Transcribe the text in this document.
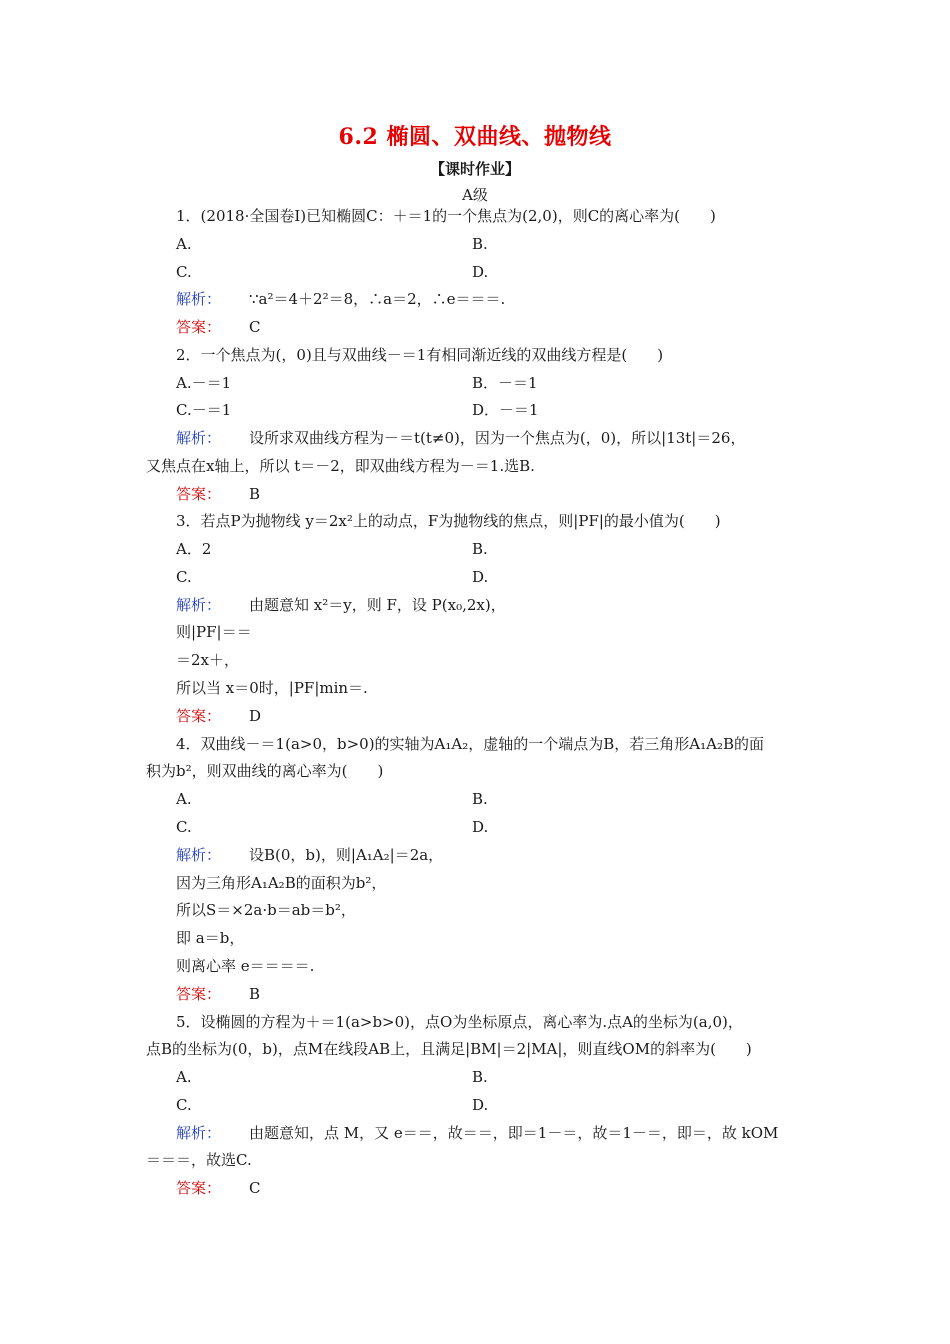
6.2 椭圆、双曲线、抛物线
【课时作业】
A级
1．(2018·全国卷Ⅰ)已知椭圆C：＋＝1的一个焦点为(2,0)，则C的离心率为(　　)
A.	B.
C.	D.
解析： ∵a²＝4＋2²＝8，∴a＝2，∴e＝＝＝.
答案： C
2．一个焦点为(，0)且与双曲线－＝1有相同渐近线的双曲线方程是(　　)
A.－＝1	B．－＝1
C.－＝1	D．－＝1
解析： 设所求双曲线方程为－＝t(t≠0)，因为一个焦点为(，0)，所以|13t|＝26，
又焦点在x轴上，所以 t＝－2，即双曲线方程为－＝1.选B.
答案： B
3．若点P为抛物线 y＝2x²上的动点，F为抛物线的焦点，则|PF|的最小值为(　　)
A．2	B.
C.	D.
解析： 由题意知 x²＝y，则 F，设 P(x₀,2x)，
则|PF|＝＝
＝2x＋，
所以当 x＝0时，|PF|min＝.
答案： D
4．双曲线－＝1(a>0，b>0)的实轴为A₁A₂，虚轴的一个端点为B，若三角形A₁A₂B的面
积为b²，则双曲线的离心率为(　　)
A.	B.
C.	D.
解析： 设B(0，b)，则|A₁A₂|＝2a，
因为三角形A₁A₂B的面积为b²，
所以S＝×2a·b＝ab＝b²，
即 a＝b，
则离心率 e＝＝＝＝.
答案： B
5．设椭圆的方程为＋＝1(a>b>0)，点O为坐标原点，离心率为.点A的坐标为(a,0)，
点B的坐标为(0，b)，点M在线段AB上，且满足|BM|＝2|MA|，则直线OM的斜率为(　　)
A.	B.
C.	D.
解析： 由题意知，点 M，又 e＝＝，故＝＝，即＝1－＝，故＝1－＝，即＝，故 kOM
＝＝＝，故选C.
答案： C
